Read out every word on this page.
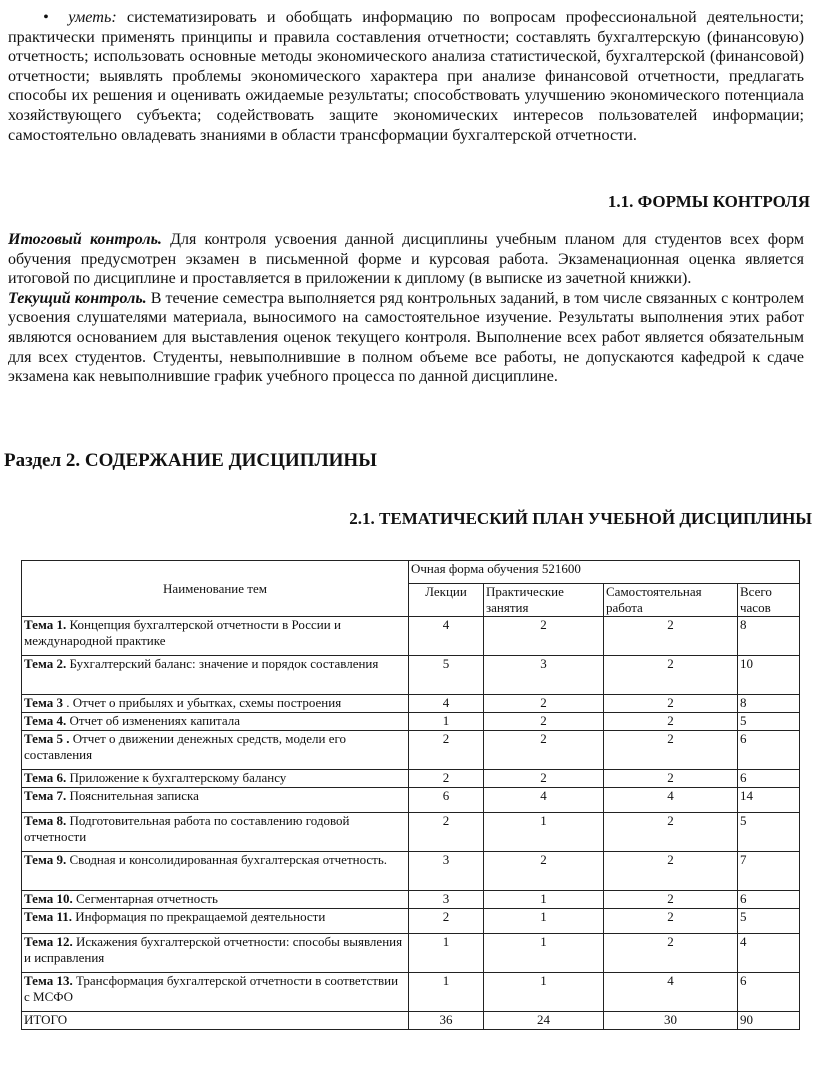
• уметь: систематизировать и обобщать информацию по вопросам профессиональной деятельности; практически применять принципы и правила составления отчетности; составлять бухгалтерскую (финансовую) отчетность; использовать основные методы экономического анализа статистической, бухгалтерской (финансовой) отчетности; выявлять проблемы экономического характера при анализе финансовой отчетности, предлагать способы их решения и оценивать ожидаемые результаты; способствовать улучшению экономического потенциала хозяйствующего субъекта; содействовать защите экономических интересов пользователей информации; самостоятельно овладевать знаниями в области трансформации бухгалтерской отчетности.
1.1. ФОРМЫ КОНТРОЛЯ

Итоговый контроль. Для контроля усвоения данной дисциплины учебным планом для студентов всех форм обучения предусмотрен экзамен в письменной форме и курсовая работа. Экзаменационная оценка является итоговой по дисциплине и проставляется в приложении к диплому (в выписке из зачетной книжки).

Текущий контроль. В течение семестра выполняется ряд контрольных заданий, в том числе связанных с контролем усвоения слушателями материала, выносимого на самостоятельное изучение. Результаты выполнения этих работ являются основанием для выставления оценок текущего контроля. Выполнение всех работ является обязательным для всех студентов. Студенты, невыполнившие в полном объеме все работы, не допускаются кафедрой к сдаче экзамена как невыполнившие график учебного процесса по данной дисциплине.

Раздел 2. СОДЕРЖАНИЕ ДИСЦИПЛИНЫ
2.1. ТЕМАТИЧЕСКИЙ ПЛАН УЧЕБНОЙ ДИСЦИПЛИНЫ
Наименование тем	Очная форма обучения 521600			
	Лекции	Практические занятия	Самостоятельная работа	Всего часов
Тема 1. Концепция бухгалтерской отчетности в России и международной практике	4	2	2	8
Тема 2. Бухгалтерский баланс: значение и порядок составления	5	3	2	10
Тема 3 . Отчет о прибылях и убытках, схемы построения	4	2	2	8
Тема 4. Отчет об изменениях капитала	1	2	2	5
Тема 5 . Отчет о движении денежных средств, модели его составления	2	2	2	6
Тема 6. Приложение к бухгалтерскому балансу	2	2	2	6
Тема 7. Пояснительная записка	6	4	4	14
Тема 8. Подготовительная работа по составлению годовой отчетности	2	1	2	5
Тема 9. Сводная и консолидированная бухгалтерская отчетность.	3	2	2	7
Тема 10. Сегментарная отчетность	3	1	2	6
Тема 11. Информация по прекращаемой деятельности	2	1	2	5
Тема 12. Искажения бухгалтерской отчетности: способы выявления и исправления	1	1	2	4
Тема 13. Трансформация бухгалтерской отчетности в соответствии с МСФО	1	1	4	6
ИТОГО	36	24	30	90
